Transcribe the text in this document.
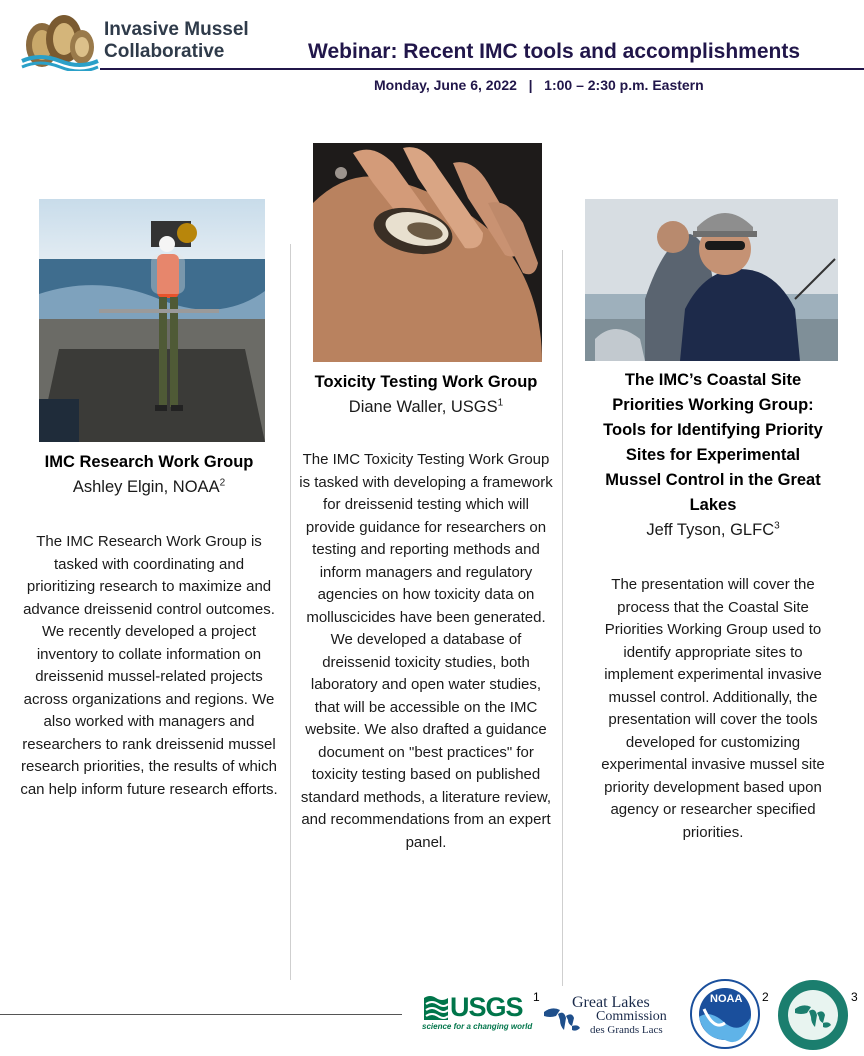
Invasive Mussel
Collaborative	Webinar: Recent IMC tools and accomplishments
Monday, June 6, 2022   |   1:00 – 2:30 p.m. Eastern
IMC Research Work Group
Ashley Elgin, NOAA$^2$
The IMC Research Work Group is tasked with coordinating and prioritizing research to maximize and advance dreissenid control outcomes. We recently developed a project inventory to collate information on dreissenid mussel-related projects across organizations and regions. We also worked with managers and researchers to rank dreissenid mussel research priorities, the results of which can help inform future research efforts.
Toxicity Testing Work Group
Diane Waller, USGS$^1$
The IMC Toxicity Testing Work Group is tasked with developing a framework for dreissenid testing which will provide guidance for researchers on testing and reporting methods and inform managers and regulatory agencies on how toxicity data on molluscicides have been generated. We developed a database of dreissenid toxicity studies, both laboratory and open water studies, that will be accessible on the IMC website. We also drafted a guidance document on "best practices" for toxicity testing based on published standard methods, a literature review, and recommendations from an expert panel.
The IMC’s Coastal Site Priorities Working Group: Tools for Identifying Priority Sites for Experimental Mussel Control in the Great Lakes
Jeff Tyson, GLFC$^3$
The presentation will cover the process that the Coastal Site Priorities Working Group used to identify appropriate sites to implement experimental invasive mussel control. Additionally, the presentation will cover the tools developed for customizing experimental invasive mussel site priority development based upon agency or researcher specified priorities.
USGS
science for a changing world
1 Great Lakes
Commission
des Grands Lacs
NOAA 2	3
